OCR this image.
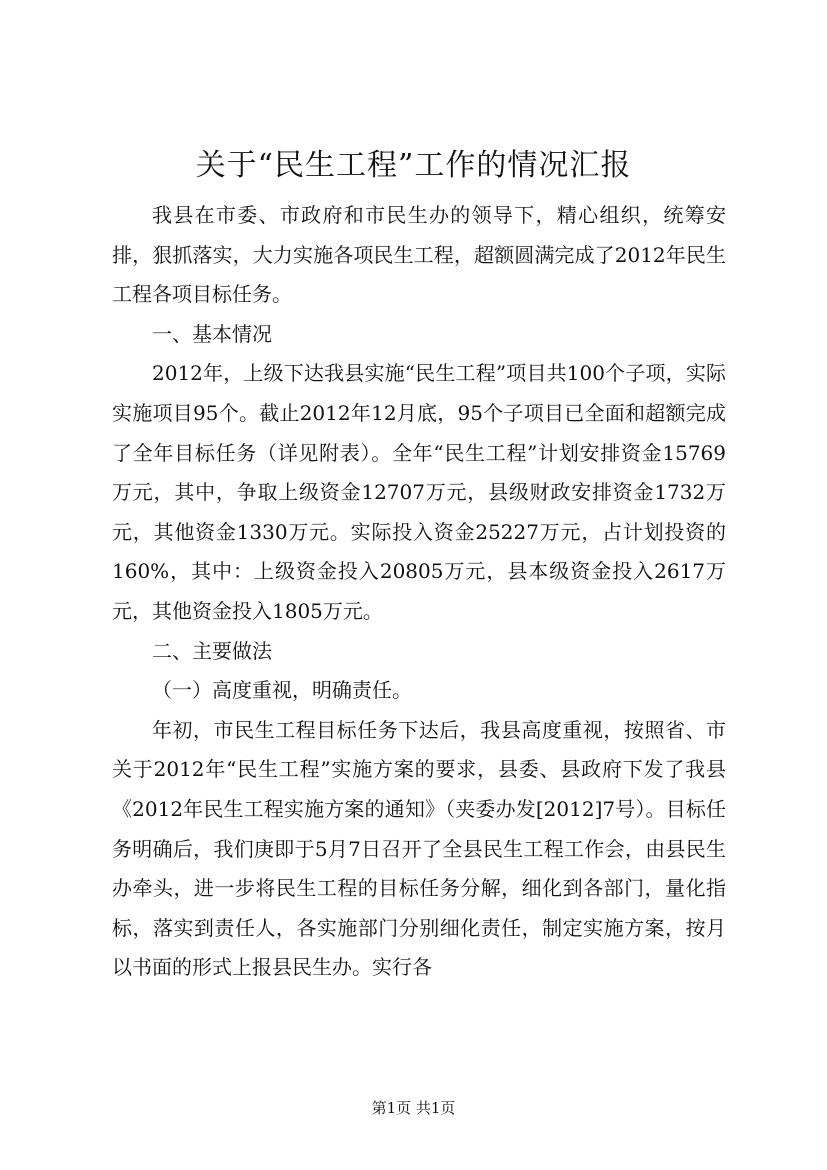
关于“民生工程”工作的情况汇报

我县在市委、市政府和市民生办的领导下，精心组织，统筹安排，狠抓落实，大力实施各项民生工程，超额圆满完成了2012年民生工程各项目标任务。

一、基本情况

2012年，上级下达我县实施“民生工程”项目共100个子项，实际实施项目95个。截止2012年12月底，95个子项目已全面和超额完成了全年目标任务（详见附表）。全年“民生工程”计划安排资金15769万元，其中，争取上级资金12707万元，县级财政安排资金1732万元，其他资金1330万元。实际投入资金25227万元，占计划投资的160%，其中：上级资金投入20805万元，县本级资金投入2617万元，其他资金投入1805万元。

二、主要做法

（一）高度重视，明确责任。

年初，市民生工程目标任务下达后，我县高度重视，按照省、市关于2012年“民生工程”实施方案的要求，县委、县政府下发了我县《2012年民生工程实施方案的通知》（夹委办发[2012]7号）。目标任务明确后，我们庚即于5月7日召开了全县民生工程工作会，由县民生办牵头，进一步将民生工程的目标任务分解，细化到各部门，量化指标，落实到责任人，各实施部门分别细化责任，制定实施方案，按月以书面的形式上报县民生办。实行各

第1页 共1页
